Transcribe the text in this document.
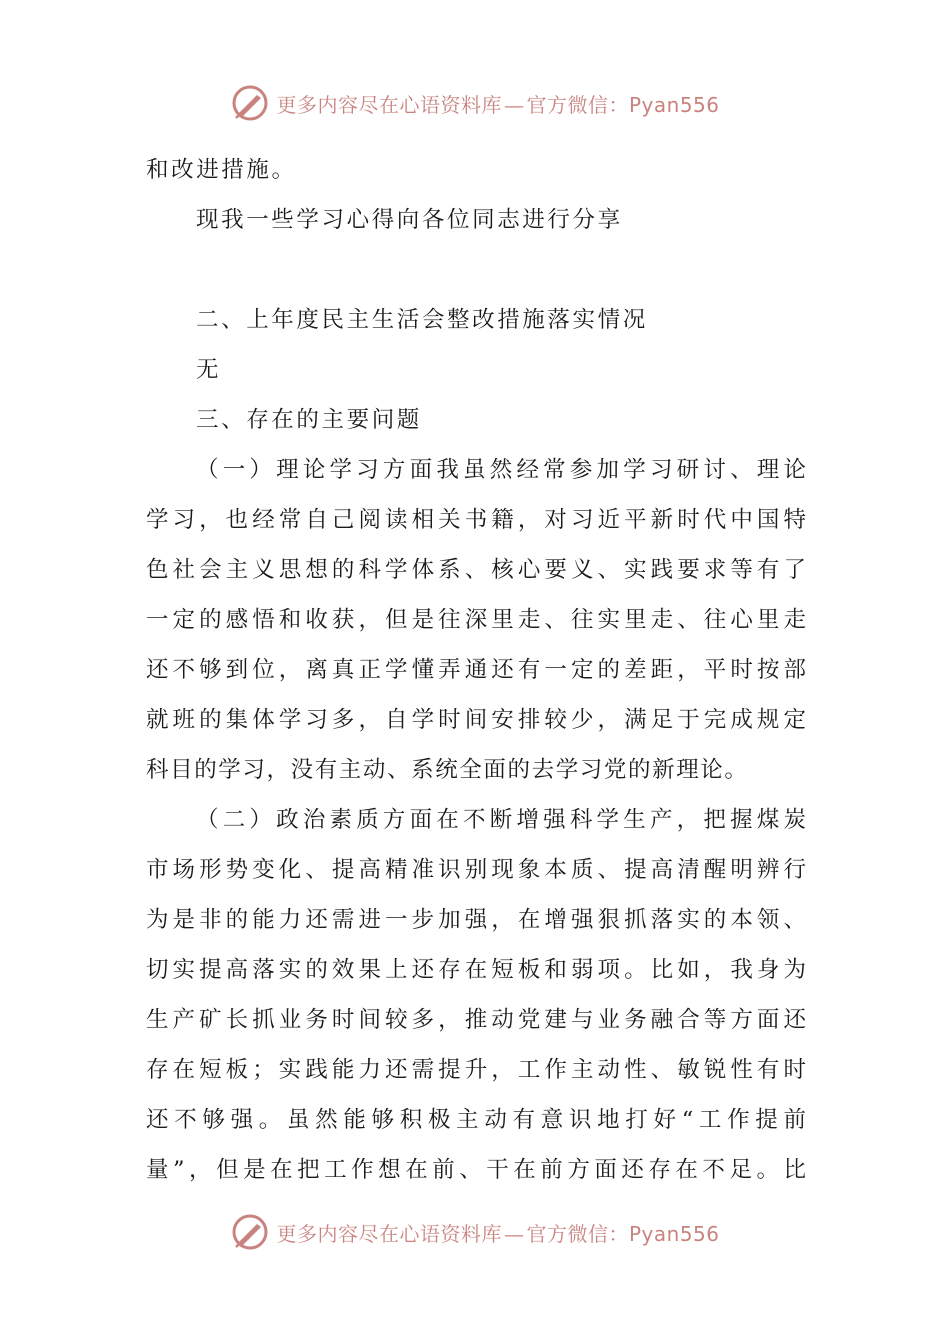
更多内容尽在心语资料库 — 官方微信：Pyan556
和改进措施。
现我一些学习心得向各位同志进行分享
二、上年度民主生活会整改措施落实情况
无
三、存在的主要问题
（一）理论学习方面我虽然经常参加学习研讨、理论
学习，也经常自己阅读相关书籍，对习近平新时代中国特
色社会主义思想的科学体系、核心要义、实践要求等有了
一定的感悟和收获，但是往深里走、往实里走、往心里走
还不够到位，离真正学懂弄通还有一定的差距，平时按部
就班的集体学习多，自学时间安排较少，满足于完成规定
科目的学习，没有主动、系统全面的去学习党的新理论。
（二）政治素质方面在不断增强科学生产，把握煤炭
市场形势变化、提高精准识别现象本质、提高清醒明辨行
为是非的能力还需进一步加强，在增强狠抓落实的本领、
切实提高落实的效果上还存在短板和弱项。比如，我身为
生产矿长抓业务时间较多，推动党建与业务融合等方面还
存在短板；实践能力还需提升，工作主动性、敏锐性有时
还不够强。虽然能够积极主动有意识地打好“工作提前
量”，但是在把工作想在前、干在前方面还存在不足。比
更多内容尽在心语资料库 — 官方微信：Pyan556
